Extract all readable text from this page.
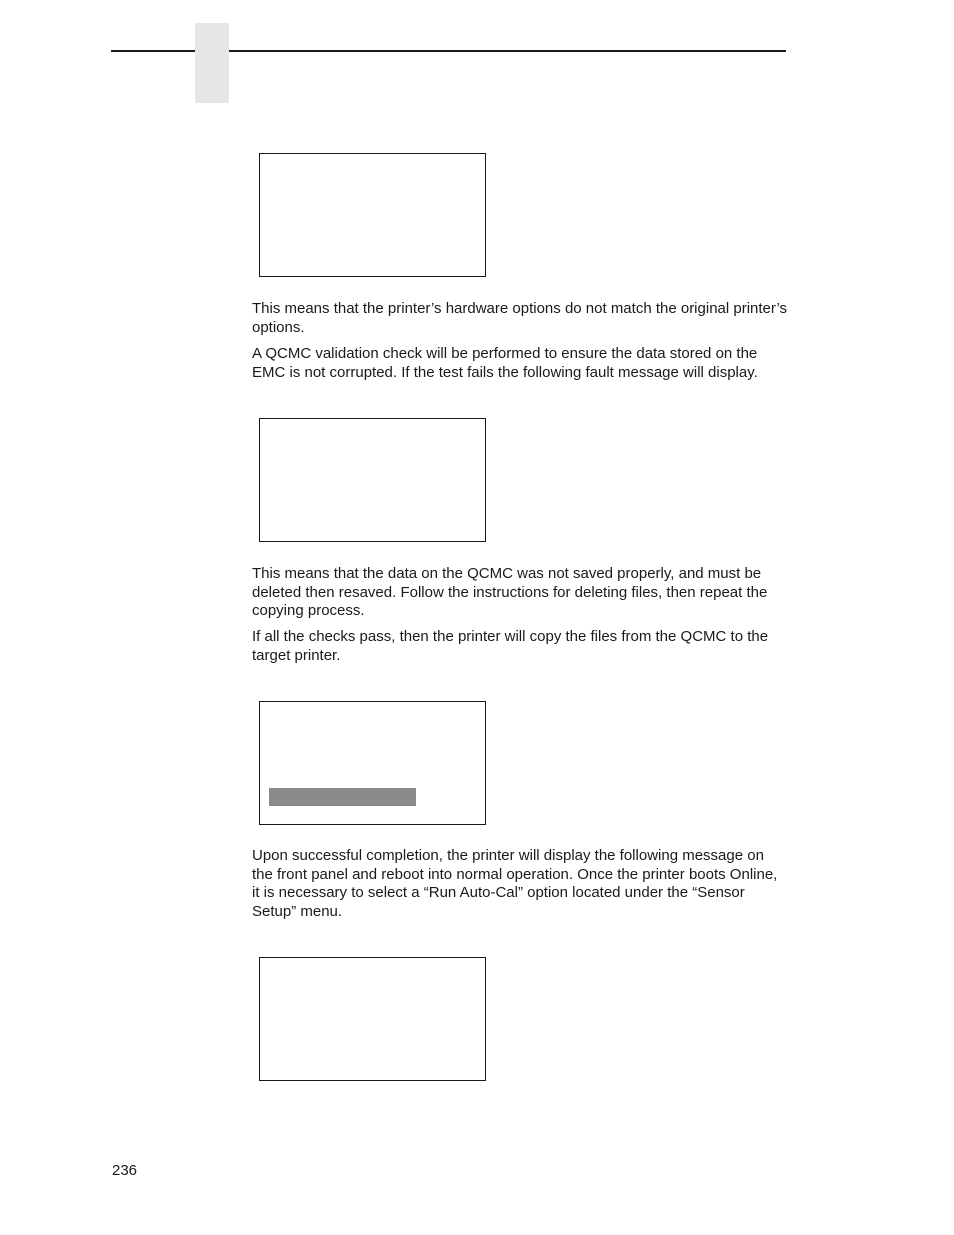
This means that the printer’s hardware options do not match the original printer’s options.

A QCMC validation check will be performed to ensure the data stored on the EMC is not corrupted. If the test fails the following fault message will display.

This means that the data on the QCMC was not saved properly, and must be deleted then resaved. Follow the instructions for deleting files, then repeat the copying process.

If all the checks pass, then the printer will copy the files from the QCMC to the target printer.

Upon successful completion, the printer will display the following message on the front panel and reboot into normal operation. Once the printer boots Online, it is necessary to select a “Run Auto-Cal” option located under the “Sensor Setup” menu.

236
